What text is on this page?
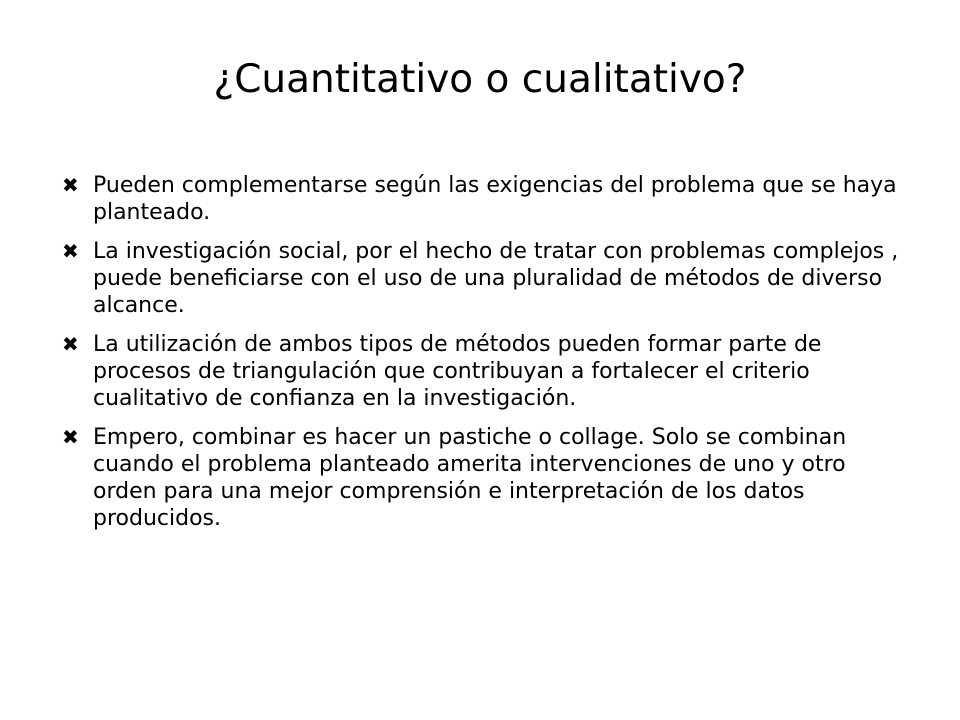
¿Cuantitativo o cualitativo?
✖ Pueden complementarse según las exigencias del problema que se haya planteado.
✖ La investigación social, por el hecho de tratar con problemas complejos , puede beneficiarse con el uso de una pluralidad de métodos de diverso alcance.
✖ La utilización de ambos tipos de métodos pueden formar parte de procesos de triangulación que contribuyan a fortalecer el criterio cualitativo de confianza en la investigación.
✖ Empero, combinar es hacer un pastiche o collage. Solo se combinan cuando el problema planteado amerita intervenciones de uno y otro orden para una mejor comprensión e interpretación de los datos producidos.
